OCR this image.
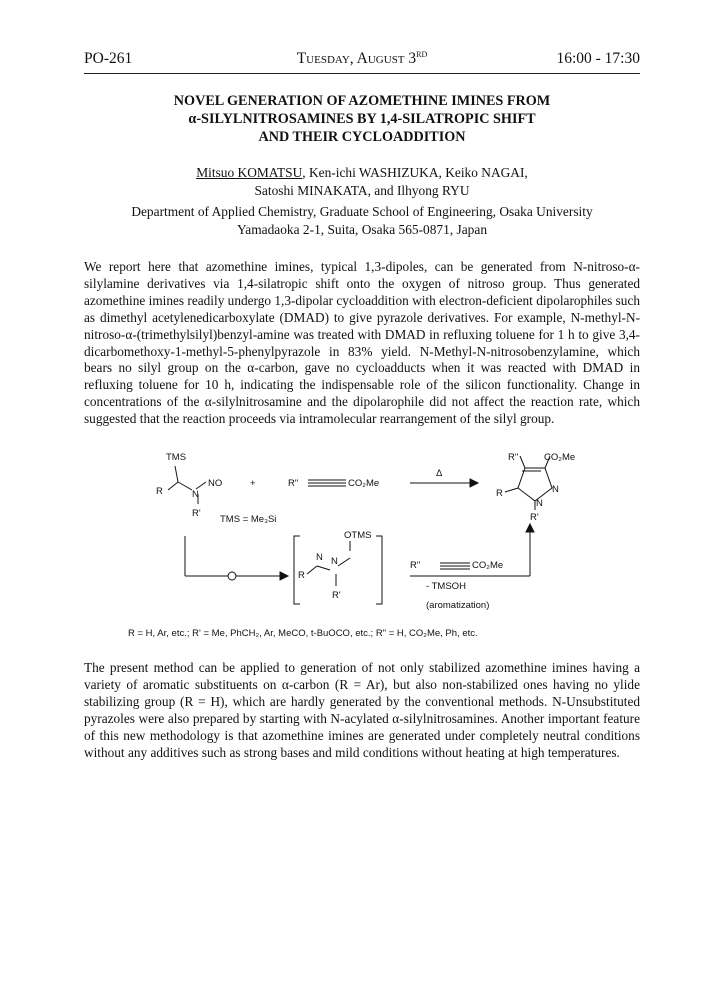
PO-261	Tuesday, August 3RD	16:00 - 17:30
NOVEL GENERATION OF AZOMETHINE IMINES FROM
α-SILYLNITROSAMINES BY 1,4-SILATROPIC SHIFT
AND THEIR CYCLOADDITION
Mitsuo KOMATSU, Ken-ichi WASHIZUKA, Keiko NAGAI,
Satoshi MINAKATA, and Ilhyong RYU
Department of Applied Chemistry, Graduate School of Engineering, Osaka University
Yamadaoka 2-1, Suita, Osaka 565-0871, Japan
We report here that azomethine imines, typical 1,3-dipoles, can be generated from N-nitroso-α-silylamine derivatives via 1,4-silatropic shift onto the oxygen of nitroso group. Thus generated azomethine imines readily undergo 1,3-dipolar cycloaddition with electron-deficient dipolarophiles such as dimethyl acetylenedicarboxylate (DMAD) to give pyrazole derivatives. For example, N-methyl-N-nitroso-α-(trimethylsilyl)benzyl-amine was treated with DMAD in refluxing toluene for 1 h to give 3,4-dicarbomethoxy-1-methyl-5-phenylpyrazole in 83% yield. N-Methyl-N-nitrosobenzylamine, which bears no silyl group on the α-carbon, gave no cycloadducts when it was reacted with DMAD in refluxing toluene for 10 h, indicating the indispensable role of the silicon functionality. Change in concentrations of the α-silylnitrosamine and the dipolarophile did not affect the reaction rate, which suggested that the reaction proceeds via intramolecular rearrangement of the silyl group.
TMS
R	N
NO
R'
+	R"	CO₂Me
Δ
TMS = Me₃Si
R"	CO₂Me
R	N
N
R'
OTMS
R
N N
R'
R"	CO₂Me
- TMSOH
(aromatization)
R = H, Ar, etc.; R' = Me, PhCH₂, Ar, MeCO, t-BuOCO, etc.; R" = H, CO₂Me, Ph, etc.
The present method can be applied to generation of not only stabilized azomethine imines having a variety of aromatic substituents on α-carbon (R = Ar), but also non-stabilized ones having no ylide stabilizing group (R = H), which are hardly generated by the conventional methods. N-Unsubstituted pyrazoles were also prepared by starting with N-acylated α-silylnitrosamines. Another important feature of this new methodology is that azomethine imines are generated under completely neutral conditions without any additives such as strong bases and mild conditions without heating at high temperatures.
